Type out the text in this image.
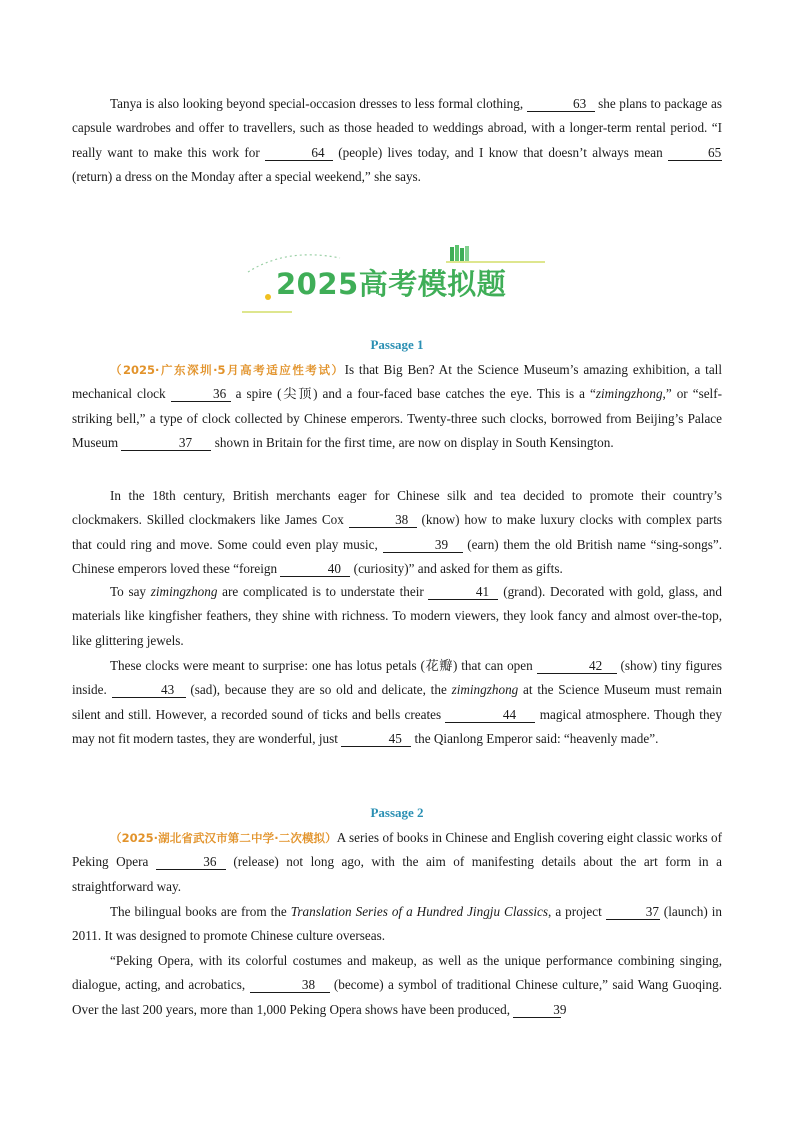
Tanya is also looking beyond special-occasion dresses to less formal clothing,	63 she plans to package as capsule wardrobes and offer to travellers, such as those headed to weddings abroad, with a longer-term rental period. “I really want to make this work for	64 (people) lives today, and I know that doesn’t always mean	65 (return) a dress on the Monday after a special weekend,” she says.
Passage 1
（2025·广东深圳·5月高考适应性考试）Is that Big Ben? At the Science Museum’s amazing exhibition, a tall mechanical clock	36 a spire (尖顶) and a four-faced base catches the eye. This is a “zimingzhong,” or “self-striking bell,” a type of clock collected by Chinese emperors. Twenty-three such clocks, borrowed from Beijing’s Palace Museum	37 shown in Britain for the first time, are now on display in South Kensington.
In the 18th century, British merchants eager for Chinese silk and tea decided to promote their country’s clockmakers. Skilled clockmakers like James Cox	38 (know) how to make luxury clocks with complex parts that could ring and move. Some could even play music,	39 (earn) them the old British name “sing-songs”. Chinese emperors loved these “foreign	40 (curiosity)” and asked for them as gifts.
To say zimingzhong are complicated is to understate their	41 (grand). Decorated with gold, glass, and materials like kingfisher feathers, they shine with richness. To modern viewers, they look fancy and almost over-the-top, like glittering jewels.
These clocks were meant to surprise: one has lotus petals (花瓣) that can open	42 (show) tiny figures inside.	43 (sad), because they are so old and delicate, the zimingzhong at the Science Museum must remain silent and still. However, a recorded sound of ticks and bells creates	44 magical atmosphere. Though they may not fit modern tastes, they are wonderful, just	45 the Qianlong Emperor said: “heavenly made”.
Passage 2
（2025·湖北省武汉市第二中学·二次模拟）A series of books in Chinese and English covering eight classic works of Peking Opera	36 (release) not long ago, with the aim of manifesting details about the art form in a straightforward way.
The bilingual books are from the Translation Series of a Hundred Jingju Classics, a project	37 (launch) in 2011. It was designed to promote Chinese culture overseas.
“Peking Opera, with its colorful costumes and makeup, as well as the unique performance combining singing, dialogue, acting, and acrobatics,	38 (become) a symbol of traditional Chinese culture,” said Wang Guoqing. Over the last 200 years, more than 1,000 Peking Opera shows have been produced,	39
2025高考模拟题
